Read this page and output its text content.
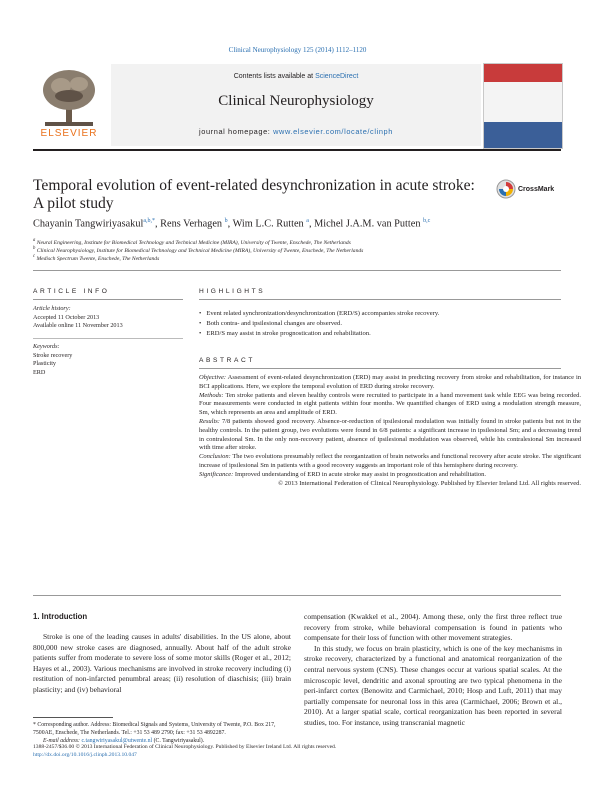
Clinical Neurophysiology 125 (2014) 1112–1120
ELSEVIER
Contents lists available at ScienceDirect
Clinical Neurophysiology
journal homepage: www.elsevier.com/locate/clinph
Temporal evolution of event-related desynchronization in acute stroke:
A pilot study
CrossMark
Chayanin Tangwiriyasakul$^{a,b,*}$, Rens Verhagen $^b$, Wim L.C. Rutten $^a$, Michel J.A.M. van Putten $^{b,c}$
$^a$ Neural Engineering, Institute for Biomedical Technology and Technical Medicine (MIRA), University of Twente, Enschede, The Netherlands
$^b$ Clinical Neurophysiology, Institute for Biomedical Technology and Technical Medicine (MIRA), University of Twente, Enschede, The Netherlands
$^c$ Medisch Spectrum Twente, Enschede, The Netherlands
ARTICLE INFO
Article history:
Accepted 11 October 2013
Available online 11 November 2013
Keywords:
Stroke recovery
Plasticity
ERD
HIGHLIGHTS
• Event related synchronization/desynchronization (ERD/S) accompanies stroke recovery.
• Both contra- and ipsilesional changes are observed.
• ERD/S may assist in stroke prognostication and rehabilitation.
ABSTRACT

Objective: Assessment of event-related desynchronization (ERD) may assist in predicting recovery from stroke and rehabilitation, for instance in BCI applications. Here, we explore the temporal evolution of ERD during stroke recovery.

Methods: Ten stroke patients and eleven healthy controls were recruited to participate in a hand movement task while EEG was being recorded. Four measurements were conducted in eight patients within four months. We quantified changes of ERD using a modulation strength measure, Sm, which represents an area and amplitude of ERD.

Results: 7/8 patients showed good recovery. Absence-or-reduction of ipsilesional modulation was initially found in stroke patients but not in the healthy controls. In the patient group, two evolutions were found in 6/8 patients: a significant increase in ipsilesional Sm; and a decreasing trend in contralesional Sm. In the only non-recovery patient, absence of ipsilesional modulation was observed, while his contralesional Sm increased with time after stroke.

Conclusion: The two evolutions presumably reflect the reorganization of brain networks and functional recovery after acute stroke. The significant increase of ipsilesional Sm in patients with a good recovery suggests an important role of this hemisphere during recovery.

Significance: Improved understanding of ERD in acute stroke may assist in prognostication and rehabilitation.

© 2013 International Federation of Clinical Neurophysiology. Published by Elsevier Ireland Ltd. All rights reserved.

1. Introduction

Stroke is one of the leading causes in adults' disabilities. In the US alone, about 800,000 new stroke cases are diagnosed, annually. About half of the adult stroke patients suffer from moderate to severe loss of some motor skills (Roger et al., 2012; Hayes et al., 2003). Various mechanisms are involved in stroke recovery including (i) restitution of non-infarcted penumbral areas; (ii) resolution of diaschisis; (iii) brain plasticity; and (iv) behavioral

* Corresponding author. Address: Biomedical Signals and Systems, University of Twente, P.O. Box 217, 7500AE, Enschede, The Netherlands. Tel.: +31 53 489 2790; fax: +31 53 4892287.
E-mail address: c.tangwiriyasakul@utwente.nl (C. Tangwiriyasakul).

compensation (Kwakkel et al., 2004). Among these, only the first three reflect true recovery from stroke, while behavioral compensation is found in patients who compensate for their loss of function with other movement strategies.

In this study, we focus on brain plasticity, which is one of the key mechanisms in stroke recovery, characterized by a functional and anatomical reorganization of the central nervous system (CNS). These changes occur at various spatial scales. At the microscopic level, dendritic and axonal sprouting are two typical phenomena in the peri-infarct cortex (Benowitz and Carmichael, 2010; Hosp and Luft, 2011) that may partially compensate for neuronal loss in this area (Carmichael, 2006; Brown et al., 2010). At a larger spatial scale, cortical reorganization has been reported in several studies, too. For instance, using transcranial magnetic

1388-2457/$36.00 © 2013 International Federation of Clinical Neurophysiology. Published by Elsevier Ireland Ltd. All rights reserved.
http://dx.doi.org/10.1016/j.clinph.2013.10.047
